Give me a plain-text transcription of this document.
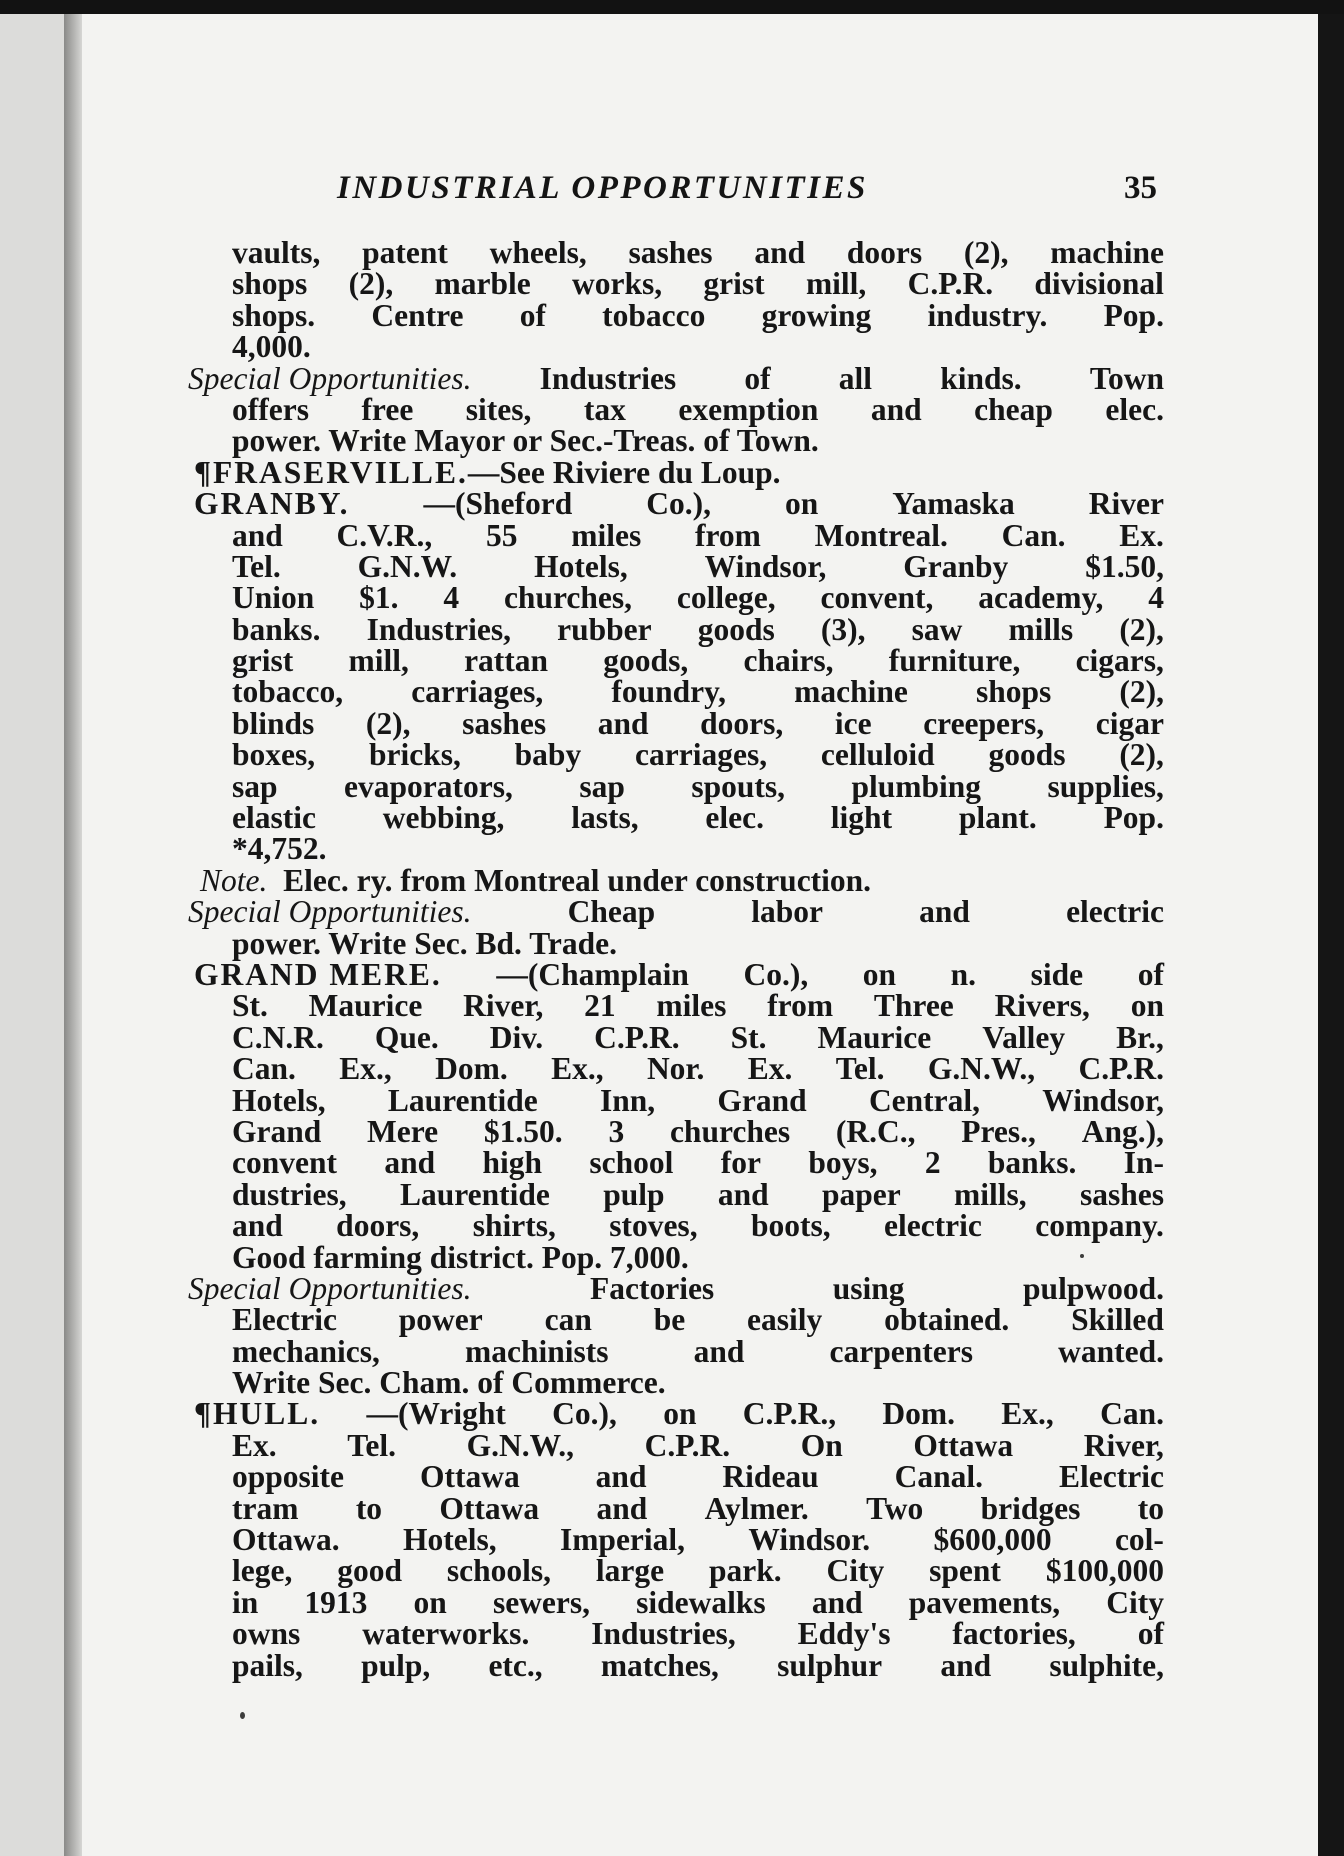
INDUSTRIAL OPPORTUNITIES	35
vaults, patent wheels, sashes and doors (2), machine
shops (2), marble works, grist mill, C.P.R. divisional
shops. Centre of tobacco growing industry. Pop.
4,000.
Special Opportunities. Industries of all kinds. Town
offers free sites, tax exemption and cheap elec.
power. Write Mayor or Sec.-Treas. of Town.
¶FRASERVILLE.—See Riviere du Loup.
GRANBY. —(Sheford Co.), on Yamaska River
and C.V.R., 55 miles from Montreal. Can. Ex.
Tel. G.N.W. Hotels, Windsor, Granby $1.50,
Union $1. 4 churches, college, convent, academy, 4
banks. Industries, rubber goods (3), saw mills (2),
grist mill, rattan goods, chairs, furniture, cigars,
tobacco, carriages, foundry, machine shops (2),
blinds (2), sashes and doors, ice creepers, cigar
boxes, bricks, baby carriages, celluloid goods (2),
sap evaporators, sap spouts, plumbing supplies,
elastic webbing, lasts, elec. light plant. Pop.
*4,752.
Note. Elec. ry. from Montreal under construction.
Special Opportunities.	Cheap	labor	and	electric
power. Write Sec. Bd. Trade.
GRAND MERE. —(Champlain Co.), on n. side of
St. Maurice River, 21 miles from Three Rivers, on
C.N.R. Que. Div. C.P.R. St. Maurice Valley Br.,
Can. Ex., Dom. Ex., Nor. Ex. Tel. G.N.W., C.P.R.
Hotels, Laurentide Inn, Grand Central, Windsor,
Grand Mere $1.50. 3 churches (R.C., Pres., Ang.),
convent and high school for boys, 2 banks. In-
dustries, Laurentide pulp and paper mills, sashes
and doors, shirts, stoves, boots, electric company.
Good farming district. Pop. 7,000.
Special Opportunities.	Factories	using	pulpwood.
Electric power can be easily obtained. Skilled
mechanics,	machinists	and	carpenters	wanted.
Write Sec. Cham. of Commerce.
¶HULL. —(Wright Co.), on C.P.R., Dom. Ex., Can.
Ex. Tel. G.N.W., C.P.R. On Ottawa River,
opposite Ottawa and Rideau Canal. Electric
tram to Ottawa and Aylmer. Two bridges to
Ottawa. Hotels, Imperial, Windsor. $600,000 col-
lege, good schools, large park. City spent $100,000
in 1913 on sewers, sidewalks and pavements, City
owns waterworks. Industries, Eddy's factories, of
pails, pulp, etc., matches, sulphur and sulphite,
